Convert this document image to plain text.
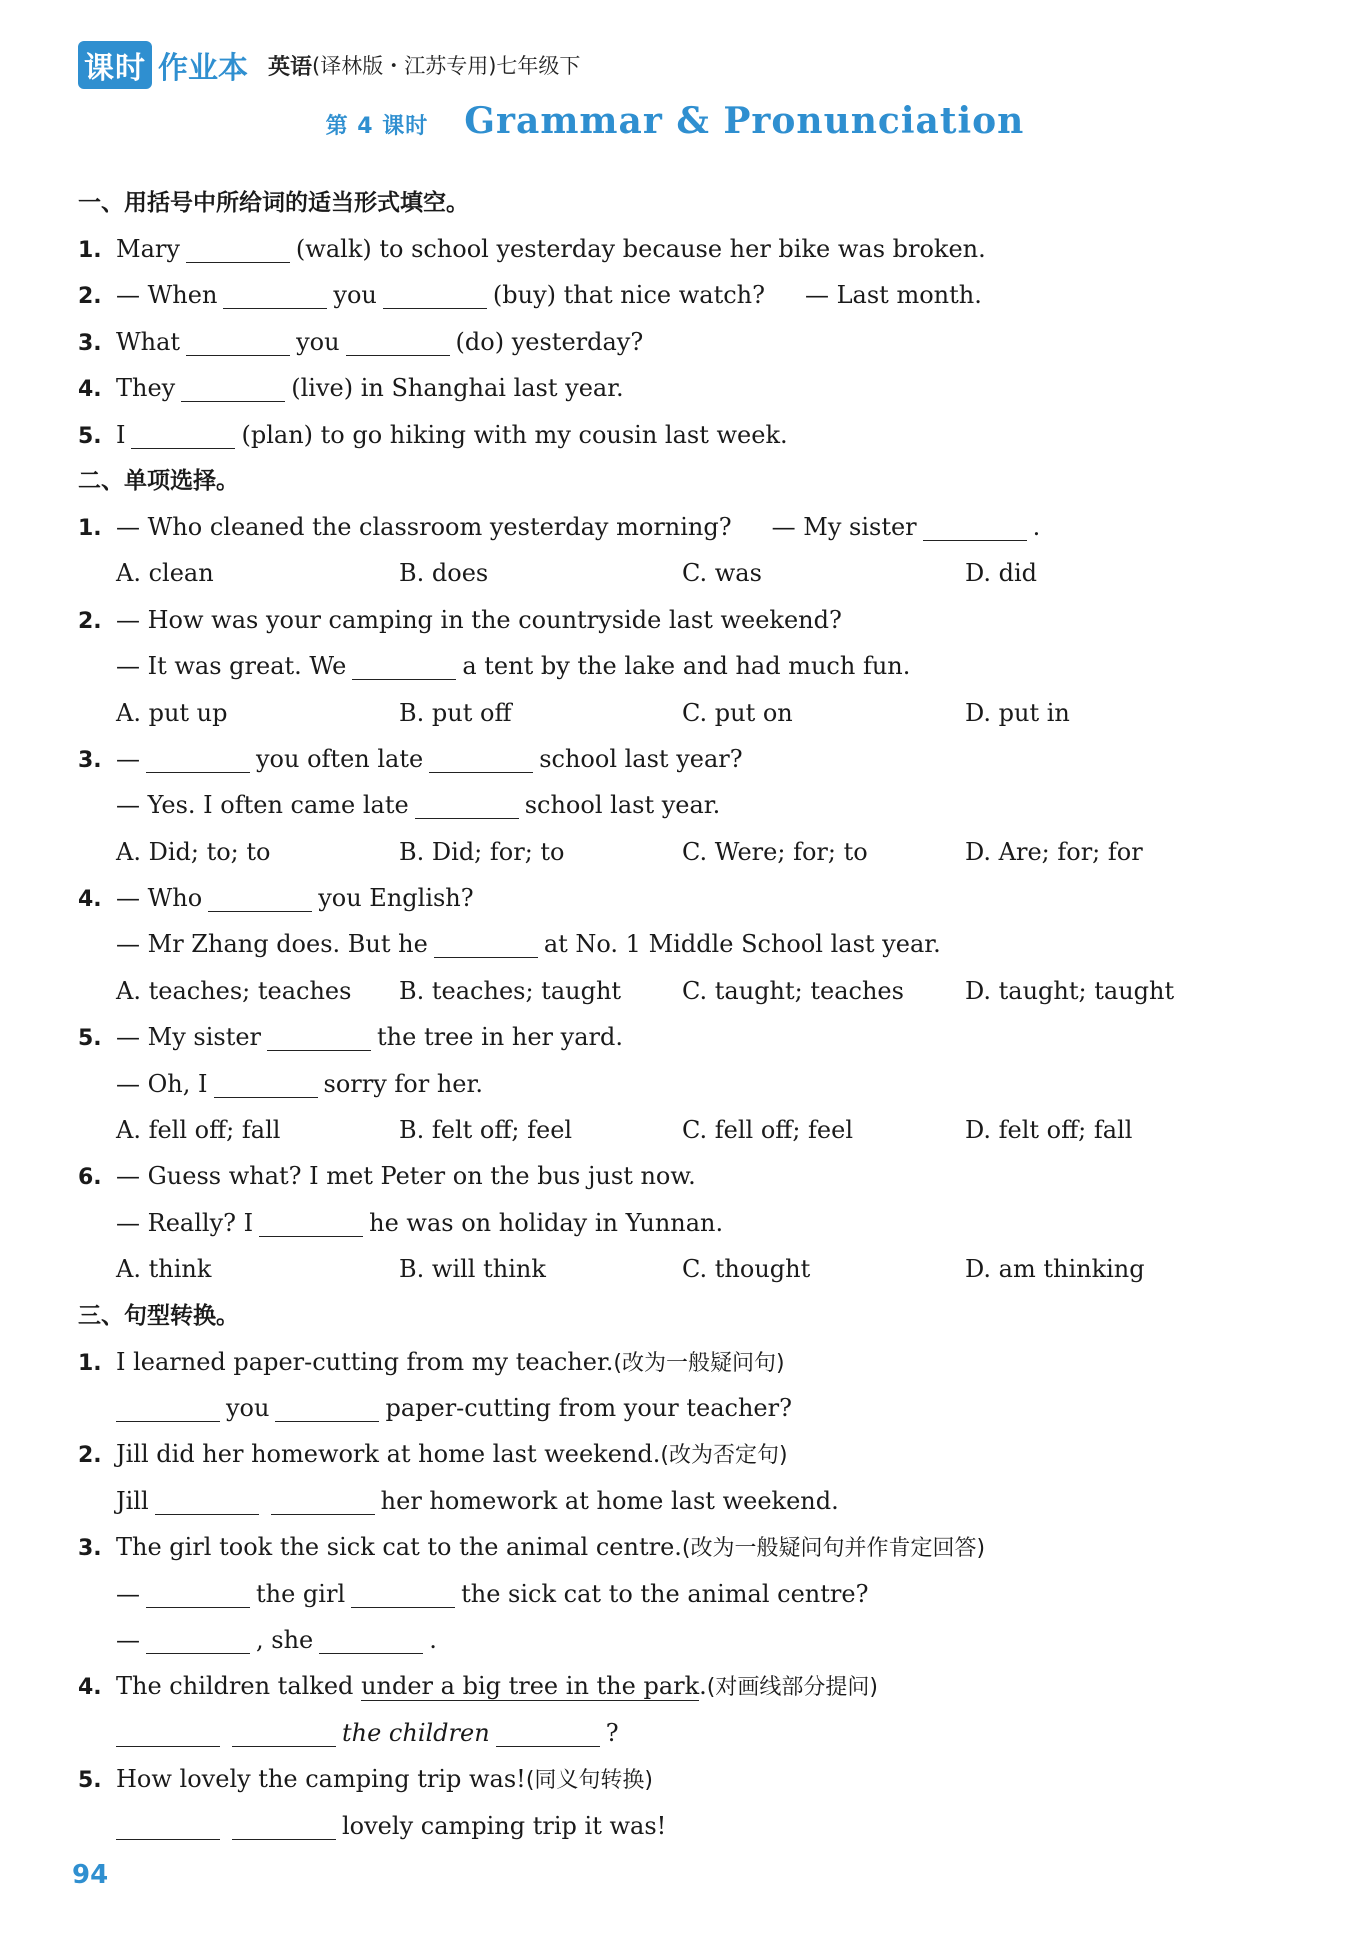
课时 作业本 英语 (译林版・江苏专用)七年级下
第 4 课时 Grammar & Pronunciation
一、用括号中所给词的适当形式填空。
1. Mary	(walk) to school yesterday because her bike was broken.
2. — When	you	(buy) that nice watch? — Last month.
3. What	you	(do) yesterday?
4. They	(live) in Shanghai last year.
5. I	(plan) to go hiking with my cousin last week.
二、单项选择。
1. — Who cleaned the classroom yesterday morning? — My sister	.
A. clean	B. does	C. was	D. did
2. — How was your camping in the countryside last weekend?
— It was great. We	a tent by the lake and had much fun.
A. put up	B. put off	C. put on	D. put in
3. —	you often late	school last year?
— Yes. I often came late	school last year.
A. Did; to; to	B. Did; for; to	C. Were; for; to	D. Are; for; for
4. — Who	you English?
— Mr Zhang does. But he	at No. 1 Middle School last year.
A. teaches; teaches	B. teaches; taught	C. taught; teaches	D. taught; taught
5. — My sister	the tree in her yard.
— Oh, I	sorry for her.
A. fell off; fall	B. felt off; feel	C. fell off; feel	D. felt off; fall
6. — Guess what? I met Peter on the bus just now.
— Really? I	he was on holiday in Yunnan.
A. think	B. will think	C. thought	D. am thinking
三、句型转换。
1. I learned paper-cutting from my teacher.(改为一般疑问句)
you	paper-cutting from your teacher?
2. Jill did her homework at home last weekend.(改为否定句)
Jill	her homework at home last weekend.
3. The girl took the sick cat to the animal centre.(改为一般疑问句并作肯定回答)
—	the girl	the sick cat to the animal centre?
—	, she	.
4. The children talked under a big tree in the park.(对画线部分提问)
the children	?
5. How lovely the camping trip was!(同义句转换)
lovely camping trip it was!
94
